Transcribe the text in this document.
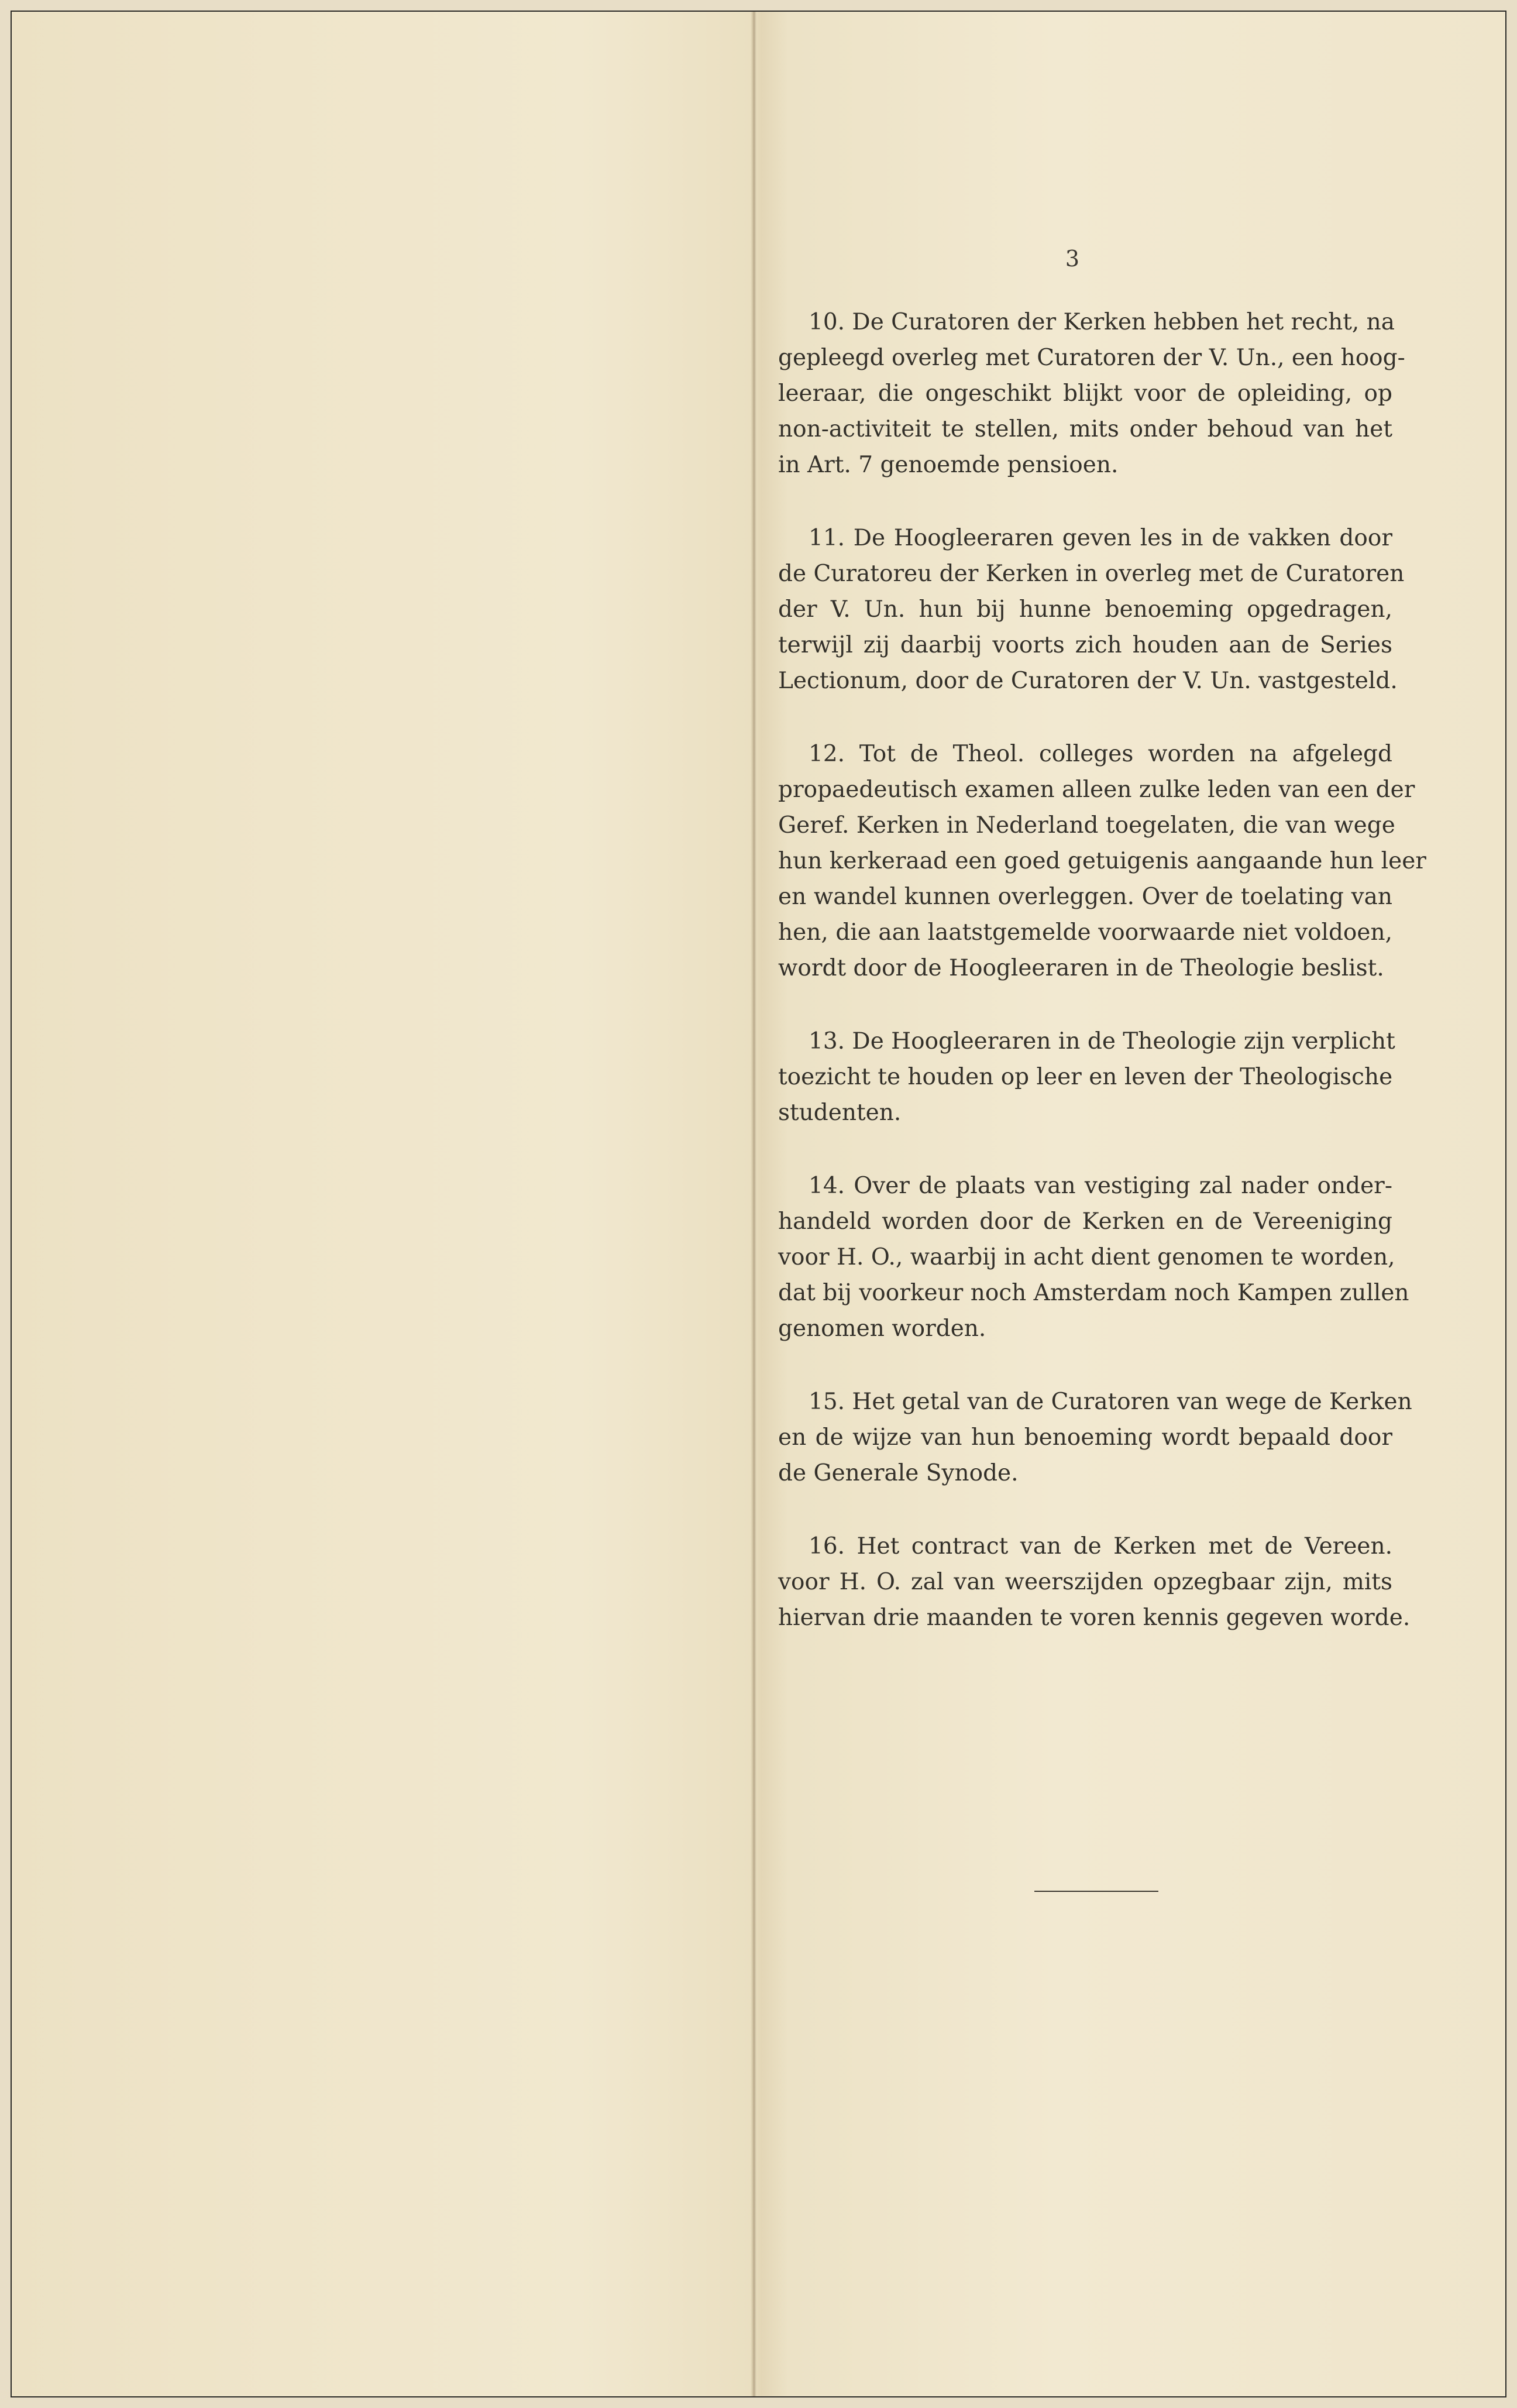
3
10. De Curatoren der Kerken hebben het recht, na
gepleegd overleg met Curatoren der V. Un., een hoog-
leeraar, die ongeschikt blijkt voor de opleiding, op
non-activiteit te stellen, mits onder behoud van het
in Art. 7 genoemde pensioen.
11. De Hoogleeraren geven les in de vakken door
de Curatoreu der Kerken in overleg met de Curatoren
der V. Un. hun bij hunne benoeming opgedragen,
terwijl zij daarbij voorts zich houden aan de Series
Lectionum, door de Curatoren der V. Un. vastgesteld.
12. Tot de Theol. colleges worden na afgelegd
propaedeutisch examen alleen zulke leden van een der
Geref. Kerken in Nederland toegelaten, die van wege
hun kerkeraad een goed getuigenis aangaande hun leer
en wandel kunnen overleggen. Over de toelating van
hen, die aan laatstgemelde voorwaarde niet voldoen,
wordt door de Hoogleeraren in de Theologie beslist.
13. De Hoogleeraren in de Theologie zijn verplicht
toezicht te houden op leer en leven der Theologische
studenten.
14. Over de plaats van vestiging zal nader onder-
handeld worden door de Kerken en de Vereeniging
voor H. O., waarbij in acht dient genomen te worden,
dat bij voorkeur noch Amsterdam noch Kampen zullen
genomen worden.
15. Het getal van de Curatoren van wege de Kerken
en de wijze van hun benoeming wordt bepaald door
de Generale Synode.
16. Het contract van de Kerken met de Vereen.
voor H. O. zal van weerszijden opzegbaar zijn, mits
hiervan drie maanden te voren kennis gegeven worde.
